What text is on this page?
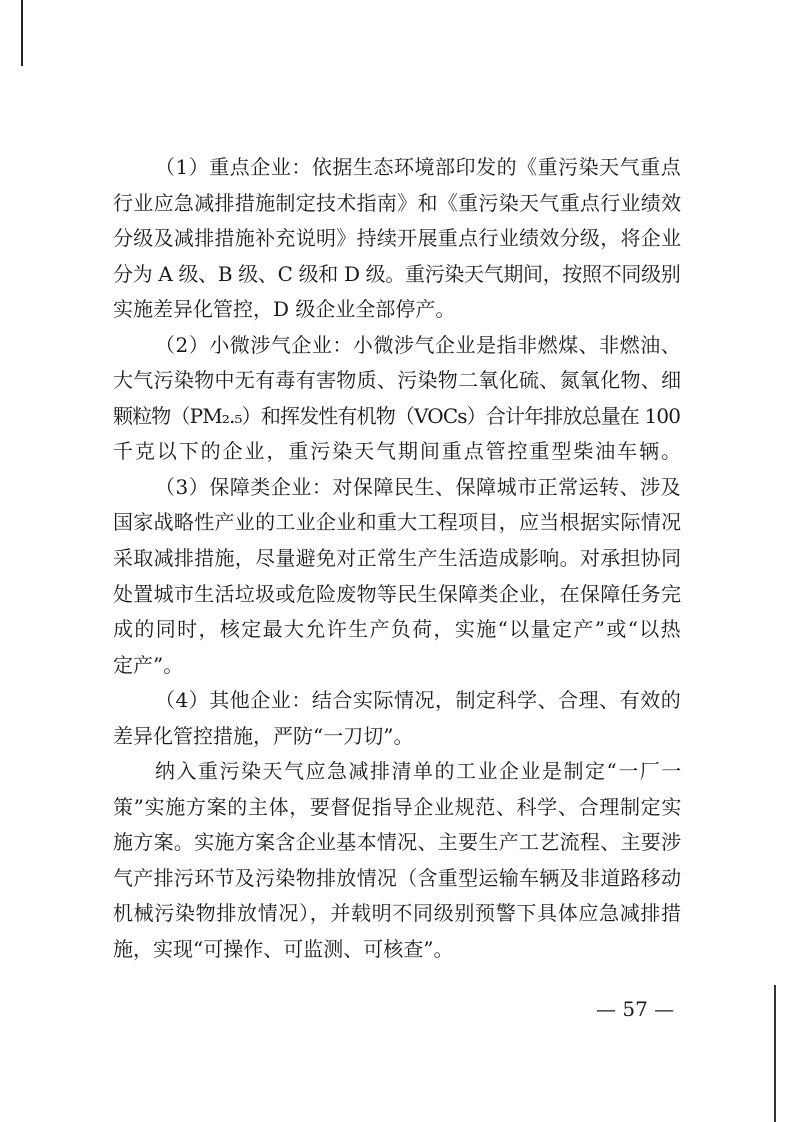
（1）重点企业：依据生态环境部印发的《重污染天气重点
行业应急减排措施制定技术指南》和《重污染天气重点行业绩效
分级及减排措施补充说明》持续开展重点行业绩效分级，将企业
分为 A 级、B 级、C 级和 D 级。重污染天气期间，按照不同级别
实施差异化管控，D 级企业全部停产。
（2）小微涉气企业：小微涉气企业是指非燃煤、非燃油、
大气污染物中无有毒有害物质、污染物二氧化硫、氮氧化物、细
颗粒物（PM₂.₅）和挥发性有机物（VOCs）合计年排放总量在 100
千克以下的企业，重污染天气期间重点管控重型柴油车辆。
（3）保障类企业：对保障民生、保障城市正常运转、涉及
国家战略性产业的工业企业和重大工程项目，应当根据实际情况
采取减排措施，尽量避免对正常生产生活造成影响。对承担协同
处置城市生活垃圾或危险废物等民生保障类企业，在保障任务完
成的同时，核定最大允许生产负荷，实施“以量定产”或“以热
定产”。
（4）其他企业：结合实际情况，制定科学、合理、有效的
差异化管控措施，严防“一刀切”。
纳入重污染天气应急减排清单的工业企业是制定“一厂一
策”实施方案的主体，要督促指导企业规范、科学、合理制定实
施方案。实施方案含企业基本情况、主要生产工艺流程、主要涉
气产排污环节及污染物排放情况（含重型运输车辆及非道路移动
机械污染物排放情况），并载明不同级别预警下具体应急减排措
施，实现“可操作、可监测、可核查”。
— 57 —
